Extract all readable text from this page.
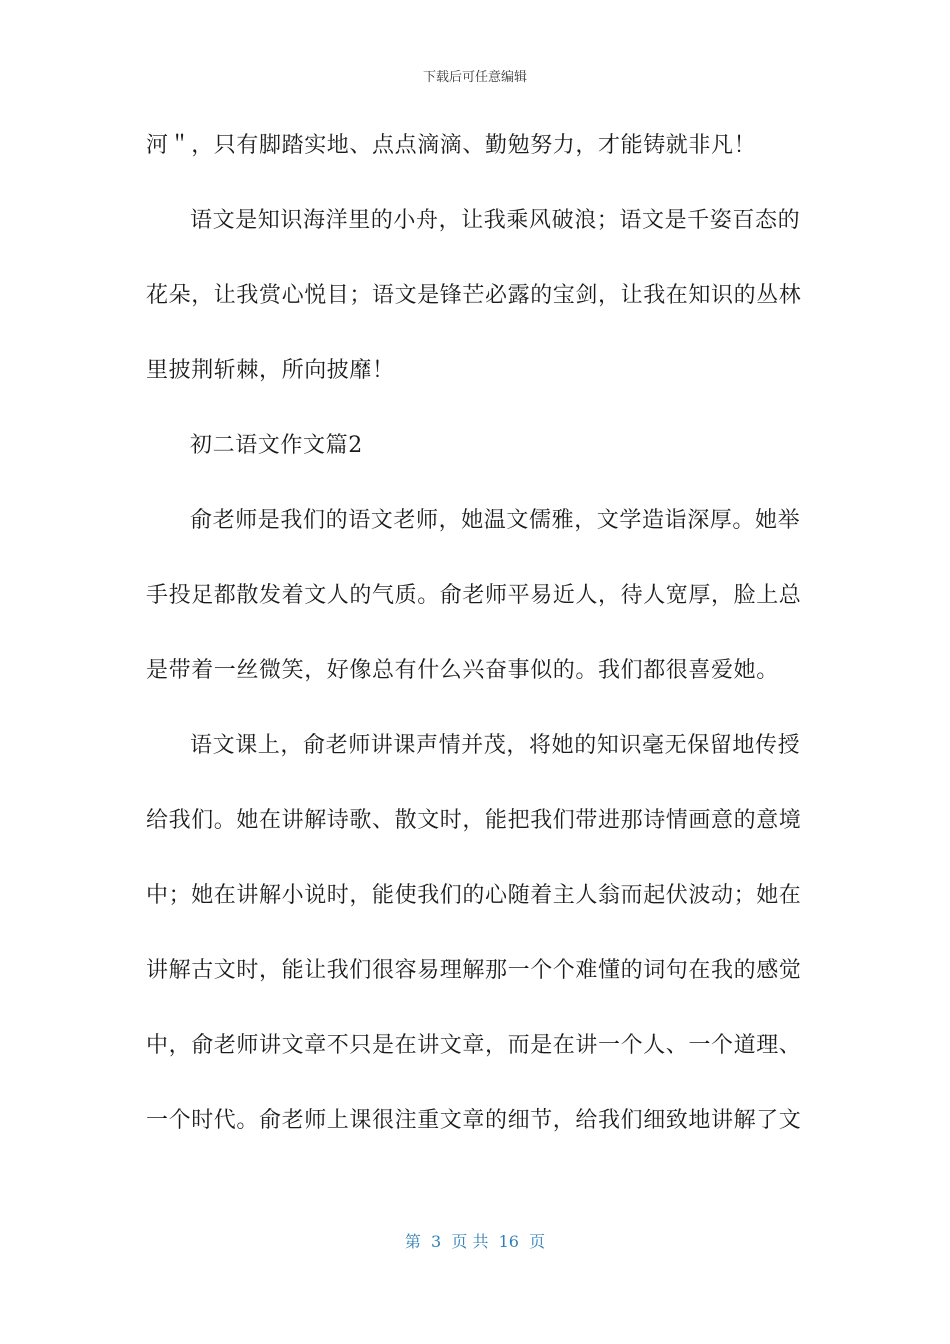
下载后可任意编辑
河＂，只有脚踏实地、点点滴滴、勤勉努力，才能铸就非凡！
语文是知识海洋里的小舟，让我乘风破浪；语文是千姿百态的
花朵，让我赏心悦目；语文是锋芒必露的宝剑，让我在知识的丛林
里披荆斩棘，所向披靡！
初二语文作文篇2
俞老师是我们的语文老师，她温文儒雅，文学造诣深厚。她举
手投足都散发着文人的气质。俞老师平易近人，待人宽厚，脸上总
是带着一丝微笑，好像总有什么兴奋事似的。我们都很喜爱她。
语文课上，俞老师讲课声情并茂，将她的知识毫无保留地传授
给我们。她在讲解诗歌、散文时，能把我们带进那诗情画意的意境
中；她在讲解小说时，能使我们的心随着主人翁而起伏波动；她在
讲解古文时，能让我们很容易理解那一个个难懂的词句在我的感觉
中，俞老师讲文章不只是在讲文章，而是在讲一个人、一个道理、
一个时代。俞老师上课很注重文章的细节，给我们细致地讲解了文
第  3  页 共  16  页
